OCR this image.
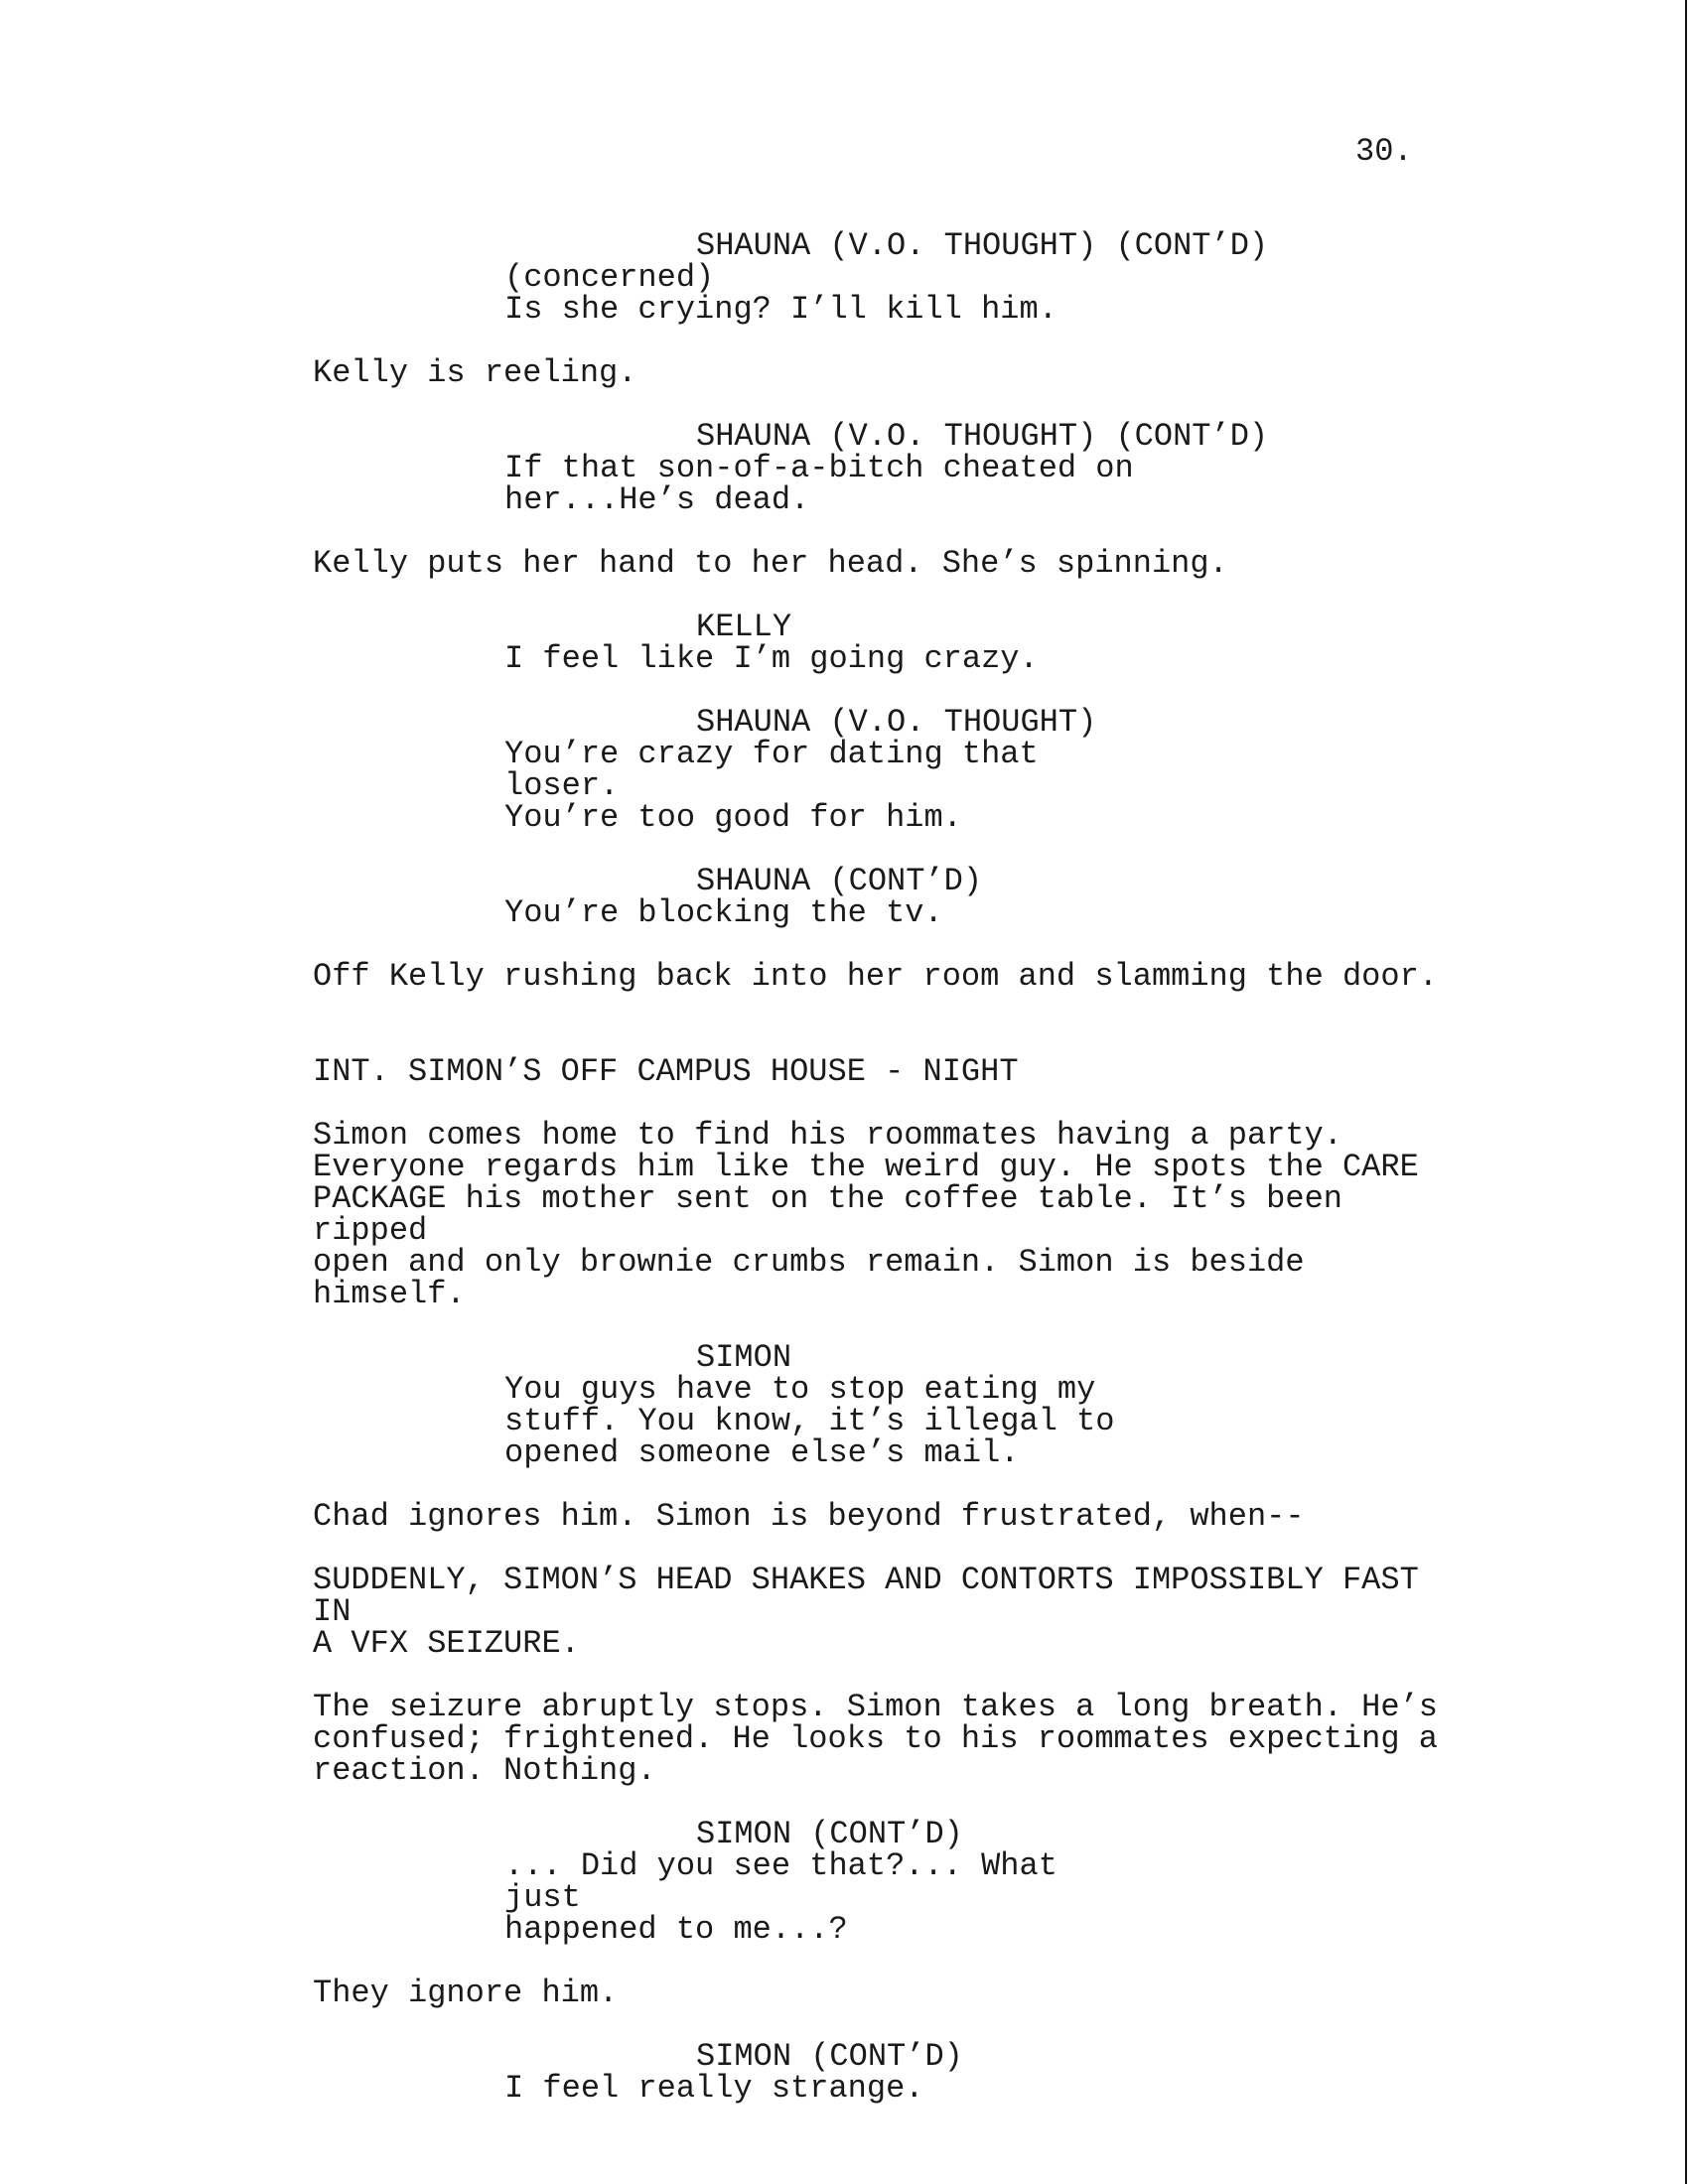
30.
SHAUNA (V.O. THOUGHT) (CONT’D)
(concerned)
Is she crying? I’ll kill him.
Kelly is reeling.
SHAUNA (V.O. THOUGHT) (CONT’D)
If that son-of-a-bitch cheated on
her...He’s dead.
Kelly puts her hand to her head. She’s spinning.
KELLY
I feel like I’m going crazy.
SHAUNA (V.O. THOUGHT)
You’re crazy for dating that loser.
You’re too good for him.
SHAUNA (CONT’D)
You’re blocking the tv.
Off Kelly rushing back into her room and slamming the door.
INT. SIMON’S OFF CAMPUS HOUSE - NIGHT
Simon comes home to find his roommates having a party.
Everyone regards him like the weird guy. He spots the CARE
PACKAGE his mother sent on the coffee table. It’s been ripped
open and only brownie crumbs remain. Simon is beside himself.
SIMON
You guys have to stop eating my
stuff. You know, it’s illegal to
opened someone else’s mail.
Chad ignores him. Simon is beyond frustrated, when--
SUDDENLY, SIMON’S HEAD SHAKES AND CONTORTS IMPOSSIBLY FAST IN
A VFX SEIZURE.
The seizure abruptly stops. Simon takes a long breath. He’s
confused; frightened. He looks to his roommates expecting a
reaction. Nothing.
SIMON (CONT’D)
... Did you see that?... What just
happened to me...?
They ignore him.
SIMON (CONT’D)
I feel really strange.
